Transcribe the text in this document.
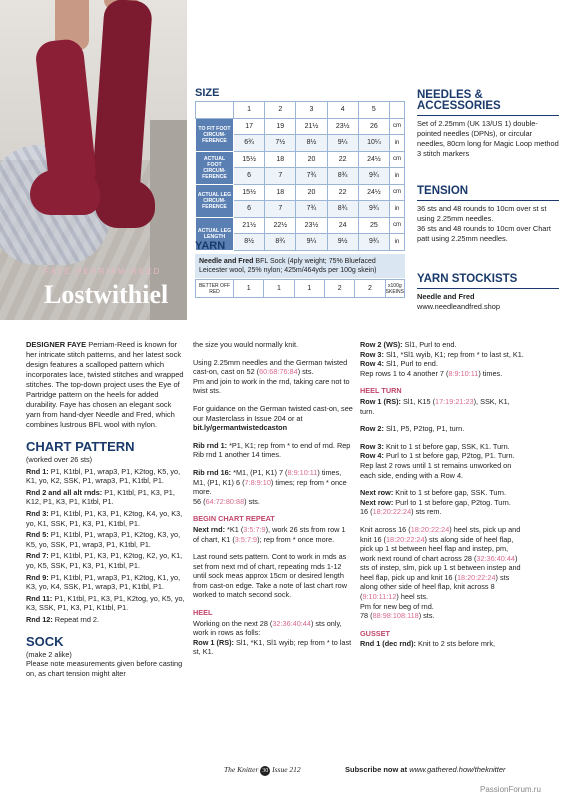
FAYE PERRIAM-REED
Lostwithiel
SIZE
	1	2	3	4	5	
TO FIT FOOT CIRCUM-FERENCE	17	19	21½	23½	26	cm
	6¾	7½	8½	9¼	10¼	in
ACTUAL FOOT CIRCUM-FERENCE	15½	18	20	22	24½	cm
	6	7	7¾	8¾	9¾	in
ACTUAL LEG CIRCUM-FERENCE	15½	18	20	22	24½	cm
	6	7	7¾	8¾	9¾	in
ACTUAL LEG LENGTH	21½	22½	23½	24	25	cm
	8½	8¾	9¼	9½	9¾	in
YARN
Needle and Fred BFL Sock (4ply weight; 75% Bluefaced Leicester wool, 25% nylon; 425m/464yds per 100g skein)
BETTER OFF RED	1	1	1	2	2	x100g SKEINS
NEEDLES & ACCESSORIES

Set of 2.25mm (UK 13/US 1) double-pointed needles (DPNs), or circular needles, 80cm long for Magic Loop method

3 stitch markers

TENSION

36 sts and 48 rounds to 10cm over st st using 2.25mm needles.

36 sts and 48 rounds to 10cm over Chart patt using 2.25mm needles.

YARN STOCKISTS

Needle and Fred

www.needleandfred.shop

DESIGNER FAYE Perriam-Reed is known for her intricate stitch patterns, and her latest sock design features a scalloped pattern which incorporates lace, twisted stitches and wrapped stitches. The top-down project uses the Eye of Partridge pattern on the heels for added durability. Faye has chosen an elegant sock yarn from hand-dyer Needle and Fred, which combines lustrous BFL wool with nylon.

CHART PATTERN

(worked over 26 sts)

Rnd 1: P1, K1tbl, P1, wrap3, P1, K2tog, K5, yo, K1, yo, K2, SSK, P1, wrap3, P1, K1tbl, P1.

Rnd 2 and all alt rnds: P1, K1tbl, P1, K3, P1, K12, P1, K3, P1, K1tbl, P1.

Rnd 3: P1, K1tbl, P1, K3, P1, K2tog, K4, yo, K3, yo, K1, SSK, P1, K3, P1, K1tbl, P1.

Rnd 5: P1, K1tbl, P1, wrap3, P1, K2tog, K3, yo, K5, yo, SSK, P1, wrap3, P1, K1tbl, P1.

Rnd 7: P1, K1tbl, P1, K3, P1, K2tog, K2, yo, K1, yo, K5, SSK, P1, K3, P1, K1tbl, P1.

Rnd 9: P1, K1tbl, P1, wrap3, P1, K2tog, K1, yo, K3, yo, K4, SSK, P1, wrap3, P1, K1tbl, P1.

Rnd 11: P1, K1tbl, P1, K3, P1, K2tog, yo, K5, yo, K3, SSK, P1, K3, P1, K1tbl, P1.

Rnd 12: Repeat rnd 2.

SOCK

(make 2 alike)

Please note measurements given before casting on, as chart tension might alter

the size you would normally knit.

Using 2.25mm needles and the German twisted cast-on, cast on 52 (60:68:76:84) sts.

Pm and join to work in the rnd, taking care not to twist sts.

For guidance on the German twisted cast-on, see our Masterclass in Issue 204 or at bit.ly/germantwistedcaston

Rib rnd 1: *P1, K1; rep from * to end of rnd. Rep Rib rnd 1 another 14 times.

Rib rnd 16: *M1, (P1, K1) 7 (8:9:10:11) times, M1, (P1, K1) 6 (7:8:9:10) times; rep from * once more.
56 (64:72:80:88) sts.

BEGIN CHART REPEAT

Next rnd: *K1 (3:5:7:9), work 26 sts from row 1 of chart, K1 (3:5:7:9); rep from * once more.

Last round sets pattern. Cont to work in rnds as set from next rnd of chart, repeating rnds 1-12 until sock meas approx 15cm or desired length from cast-on edge. Take a note of last chart row worked to match second sock.

HEEL

Working on the next 28 (32:36:40:44) sts only, work in rows as folls:

Row 1 (RS): Sl1, *K1, Sl1 wyib; rep from * to last st, K1.

Row 2 (WS): Sl1, Purl to end.

Row 3: Sl1, *Sl1 wyib, K1; rep from * to last st, K1.

Row 4: Sl1, Purl to end.

Rep rows 1 to 4 another 7 (8:9:10:11) times.

HEEL TURN

Row 1 (RS): Sl1, K15 (17:19:21:23), SSK, K1, turn.

Row 2: Sl1, P5, P2tog, P1, turn.

Row 3: Knit to 1 st before gap, SSK, K1. Turn.

Row 4: Purl to 1 st before gap, P2tog, P1. Turn.

Rep last 2 rows until 1 st remains unworked on each side, ending with a Row 4.

Next row: Knit to 1 st before gap, SSK. Turn.

Next row: Purl to 1 st before gap, P2tog. Turn.

16 (18:20:22:24) sts rem.

Knit across 16 (18:20:22:24) heel sts, pick up and knit 16 (18:20:22:24) sts along side of heel flap, pick up 1 st between heel flap and instep, pm, work next round of chart across 28 (32:36:40:44) sts of instep, slm, pick up 1 st between instep and heel flap, pick up and knit 16 (18:20:22:24) sts along other side of heel flap, knit across 8 (9:10:11:12) heel sts.

Pm for new beg of rnd.

78 (88:98:108:118) sts.

GUSSET

Rnd 1 (dec rnd): Knit to 2 sts before mrk,

The Knitter 30 Issue 212	Subscribe now at www.gathered.how/theknitter
PassionForum.ru
